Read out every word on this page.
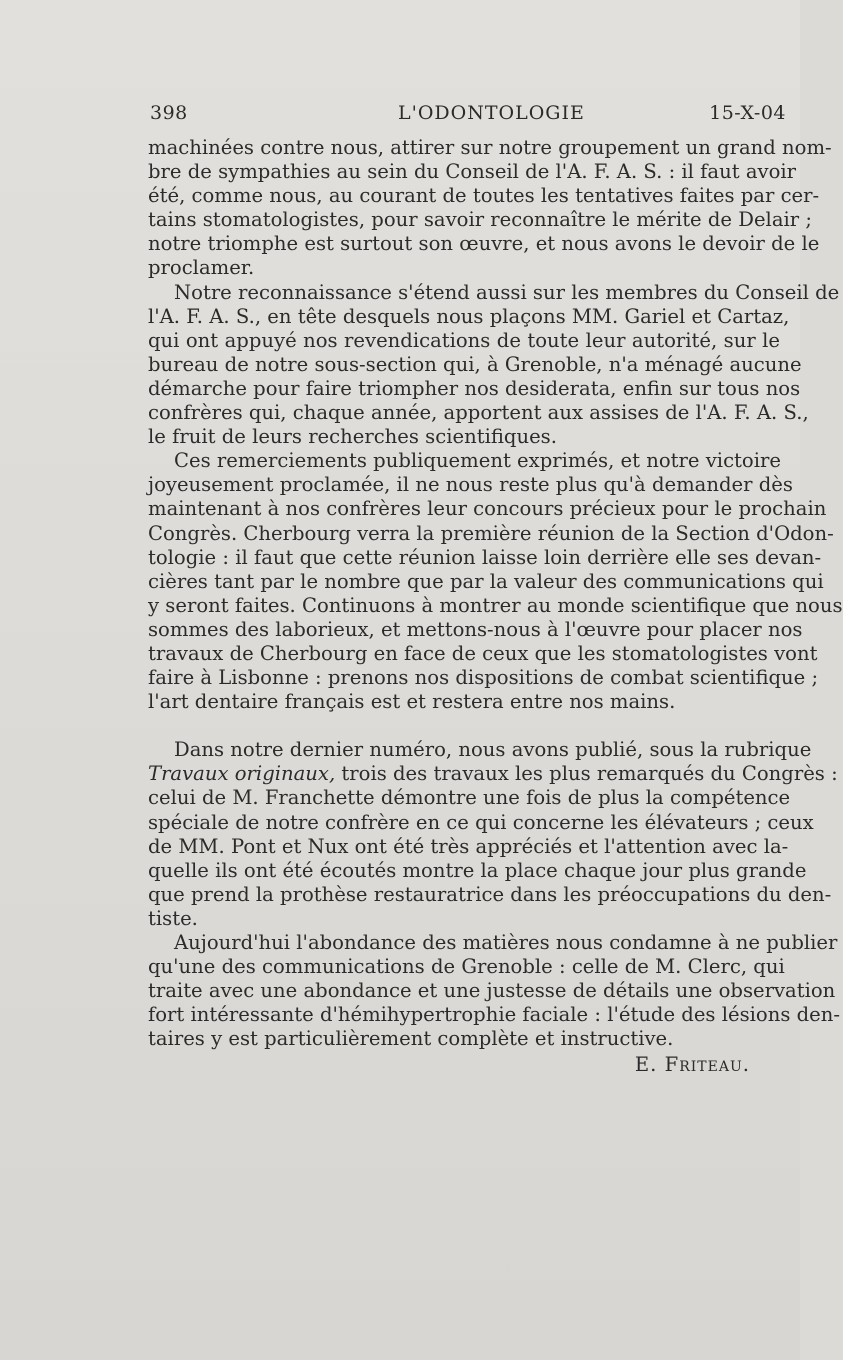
398	L'ODONTOLOGIE	15-X-04
machinées contre nous, attirer sur notre groupement un grand nom-
bre de sympathies au sein du Conseil de l'A. F. A. S. : il faut avoir
été, comme nous, au courant de toutes les tentatives faites par cer-
tains stomatologistes, pour savoir reconnaître le mérite de Delair ;
notre triomphe est surtout son œuvre, et nous avons le devoir de le
proclamer.
Notre reconnaissance s'étend aussi sur les membres du Conseil de
l'A. F. A. S., en tête desquels nous plaçons MM. Gariel et Cartaz,
qui ont appuyé nos revendications de toute leur autorité, sur le
bureau de notre sous-section qui, à Grenoble, n'a ménagé aucune
démarche pour faire triompher nos desiderata, enfin sur tous nos
confrères qui, chaque année, apportent aux assises de l'A. F. A. S.,
le fruit de leurs recherches scientifiques.
Ces remerciements publiquement exprimés, et notre victoire
joyeusement proclamée, il ne nous reste plus qu'à demander dès
maintenant à nos confrères leur concours précieux pour le prochain
Congrès. Cherbourg verra la première réunion de la Section d'Odon-
tologie : il faut que cette réunion laisse loin derrière elle ses devan-
cières tant par le nombre que par la valeur des communications qui
y seront faites. Continuons à montrer au monde scientifique que nous
sommes des laborieux, et mettons-nous à l'œuvre pour placer nos
travaux de Cherbourg en face de ceux que les stomatologistes vont
faire à Lisbonne : prenons nos dispositions de combat scientifique ;
l'art dentaire français est et restera entre nos mains.
Dans notre dernier numéro, nous avons publié, sous la rubrique
Travaux originaux, trois des travaux les plus remarqués du Congrès :
celui de M. Franchette démontre une fois de plus la compétence
spéciale de notre confrère en ce qui concerne les élévateurs ; ceux
de MM. Pont et Nux ont été très appréciés et l'attention avec la-
quelle ils ont été écoutés montre la place chaque jour plus grande
que prend la prothèse restauratrice dans les préoccupations du den-
tiste.
Aujourd'hui l'abondance des matières nous condamne à ne publier
qu'une des communications de Grenoble : celle de M. Clerc, qui
traite avec une abondance et une justesse de détails une observation
fort intéressante d'hémihypertrophie faciale : l'étude des lésions den-
taires y est particulièrement complète et instructive.
E. Friteau.
